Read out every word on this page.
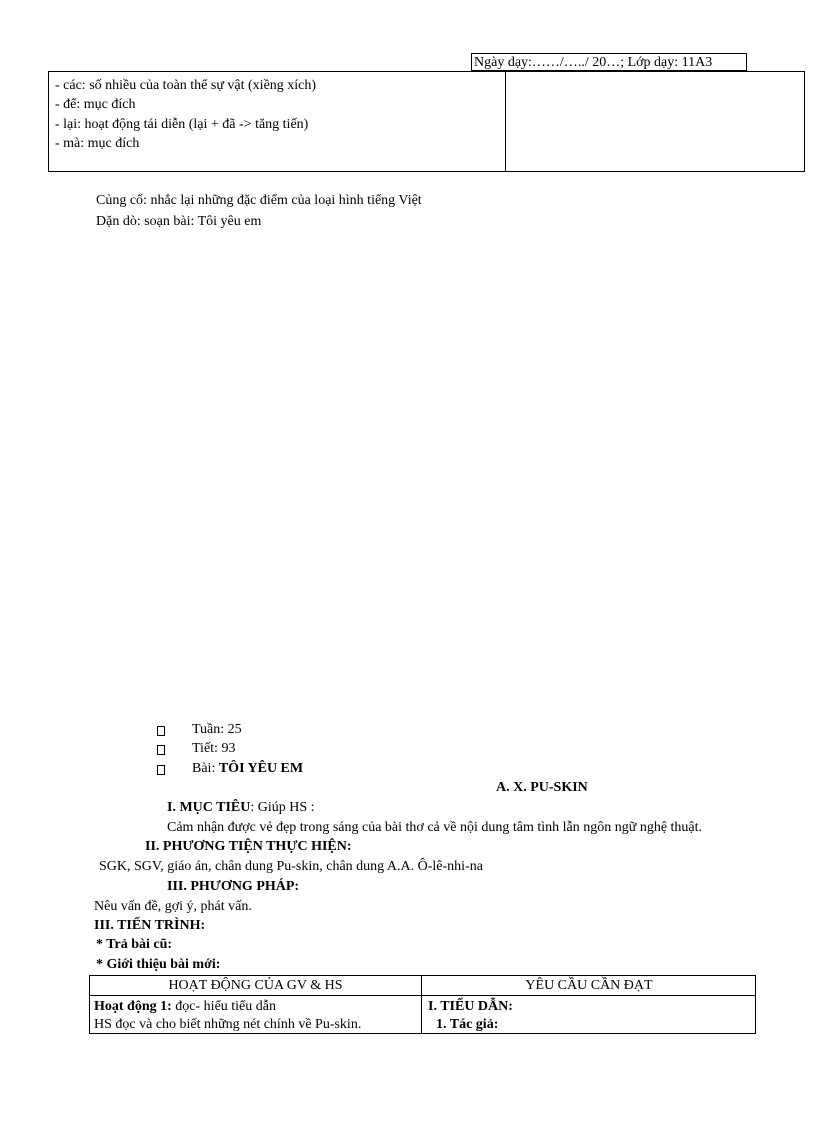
Ngày dạy:……/…../ 20…; Lớp dạy: 11A3
- các: số nhiều của toàn thể sự vật (xiềng xích)
- để: mục đích
- lại: hoạt động tái diễn (lại + đã -> tăng tiến)
- mà: mục đích
Củng cố: nhắc lại những đặc điểm của loại hình tiếng Việt
Dặn dò: soạn bài: Tôi yêu em
Tuần: 25
Tiết: 93
Bài: TÔI YÊU EM
A. X. PU-SKIN
I. MỤC TIÊU: Giúp HS :
Cảm nhận được vẻ đẹp trong sáng của bài thơ cả về nội dung tâm tình lẫn ngôn ngữ nghệ thuật.
II. PHƯƠNG TIỆN THỰC HIỆN:
SGK, SGV, giáo án, chân dung Pu-skin, chân dung A.A. Ô-lê-nhi-na
III. PHƯƠNG PHÁP:
Nêu vấn đề, gợi ý, phát vấn.
III. TIẾN TRÌNH:
* Trả bài cũ:
* Giới thiệu bài mới:
HOẠT ĐỘNG CỦA GV & HS	YÊU CẦU CẦN ĐẠT
Hoạt động 1: đọc- hiểu tiểu dẫn
HS đọc và cho biết những nét chính về Pu-skin.
I. TIỂU DẪN:
1. Tác giả:
